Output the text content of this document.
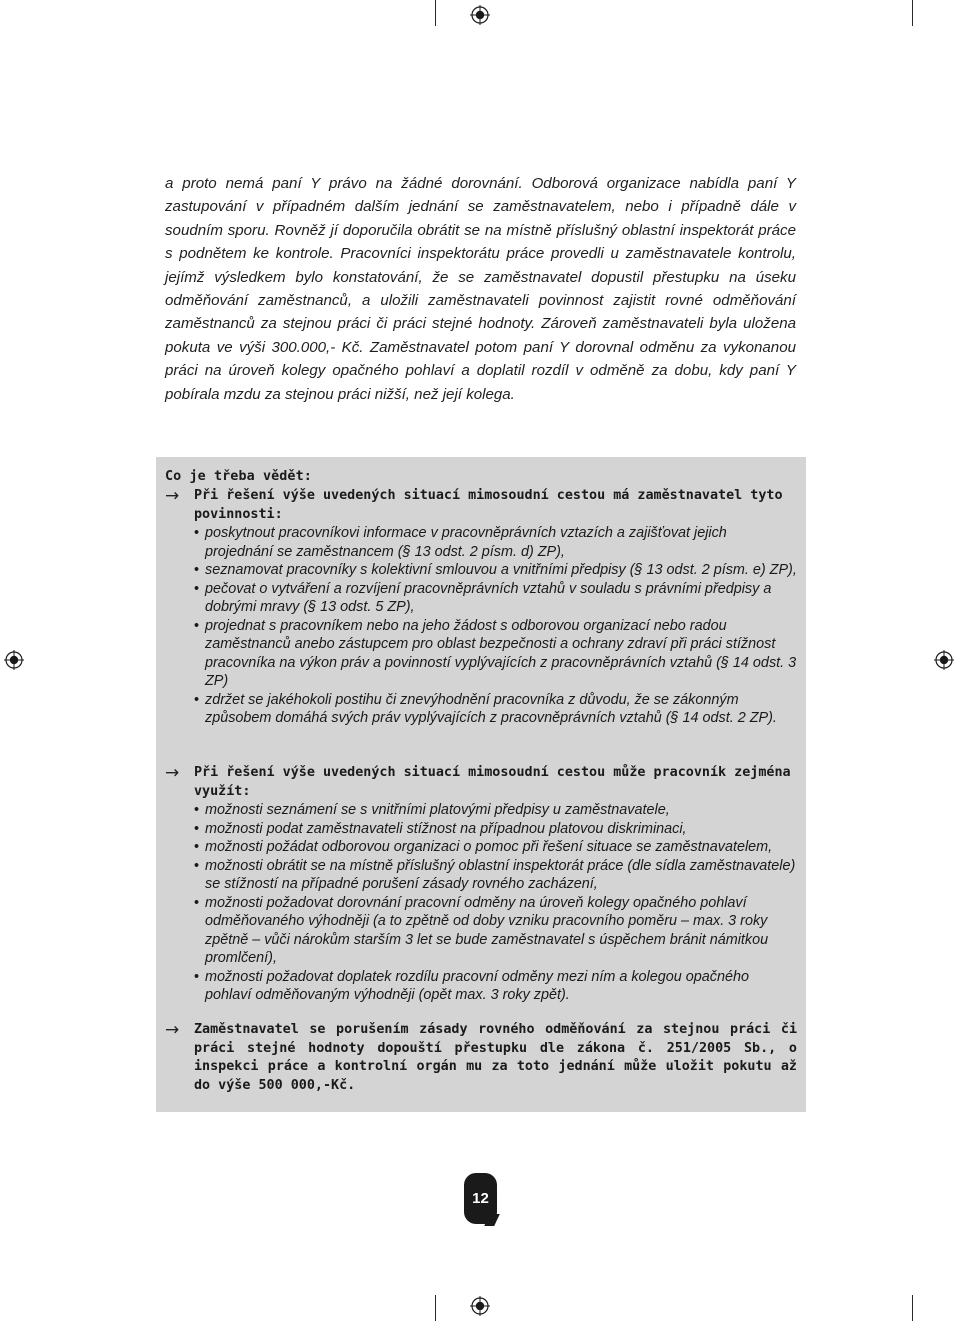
a proto nemá paní Y právo na žádné dorovnání. Odborová organizace nabídla paní Y zastupování v případném dalším jednání se zaměstnavatelem, nebo i případně dále v soudním sporu. Rovněž jí doporučila obrátit se na místně příslušný oblastní inspektorát práce s podnětem ke kontrole. Pracovníci inspektorátu práce provedli u zaměstnavatele kontrolu, jejímž výsledkem bylo konstatování, že se zaměstnavatel dopustil přestupku na úseku odměňování zaměstnanců, a uložili zaměstnavateli povinnost zajistit rovné odměňování zaměstnanců za stejnou práci či práci stejné hodnoty. Zároveň zaměstnavateli byla uložena pokuta ve výši 300.000,- Kč. Zaměstnavatel potom paní Y dorovnal odměnu za vykonanou práci na úroveň kolegy opačného pohlaví a doplatil rozdíl v odměně za dobu, kdy paní Y pobírala mzdu za stejnou práci nižší, než její kolega.

Co je třeba vědět:

→ Při řešení výše uvedených situací mimosoudní cestou má zaměstnavatel tyto povinnosti:

• poskytnout pracovníkovi informace v pracovněprávních vztazích a zajišťovat jejich projednání se zaměstnancem (§ 13 odst. 2 písm. d) ZP),
• seznamovat pracovníky s kolektivní smlouvou a vnitřními předpisy (§ 13 odst. 2 písm. e) ZP),
• pečovat o vytváření a rozvíjení pracovněprávních vztahů v souladu s právními předpisy a dobrými mravy (§ 13 odst. 5 ZP),
• projednat s pracovníkem nebo na jeho žádost s odborovou organizací nebo radou zaměstnanců anebo zástupcem pro oblast bezpečnosti a ochrany zdraví při práci stížnost pracovníka na výkon práv a povinností vyplývajících z pracovněprávních vztahů (§ 14 odst. 3 ZP)
• zdržet se jakéhokoli postihu či znevýhodnění pracovníka z důvodu, že se zákonným způsobem domáhá svých práv vyplývajících z pracovněprávních vztahů (§ 14 odst. 2 ZP).
→ Při řešení výše uvedených situací mimosoudní cestou může pracovník zejména využít:

• možnosti seznámení se s vnitřními platovými předpisy u zaměstnavatele,
• možnosti podat zaměstnavateli stížnost na případnou platovou diskriminaci,
• možnosti požádat odborovou organizaci o pomoc při řešení situace se zaměstnavatelem,
• možnosti obrátit se na místně příslušný oblastní inspektorát práce (dle sídla zaměstnavatele) se stížností na případné porušení zásady rovného zacházení,
• možnosti požadovat dorovnání pracovní odměny na úroveň kolegy opačného pohlaví odměňovaného výhodněji (a to zpětně od doby vzniku pracovního poměru – max. 3 roky zpětně – vůči nárokům starším 3 let se bude zaměstnavatel s úspěchem bránit námitkou promlčení),
• možnosti požadovat doplatek rozdílu pracovní odměny mezi ním a kolegou opačného pohlaví odměňovaným výhodněji (opět max. 3 roky zpět).
→ Zaměstnavatel se porušením zásady rovného odměňování za stejnou práci či práci stejné hodnoty dopouští přestupku dle zákona č. 251/2005 Sb., o inspekci práce a kontrolní orgán mu za toto jednání může uložit pokutu až do výše 500 000,-Kč.

12
